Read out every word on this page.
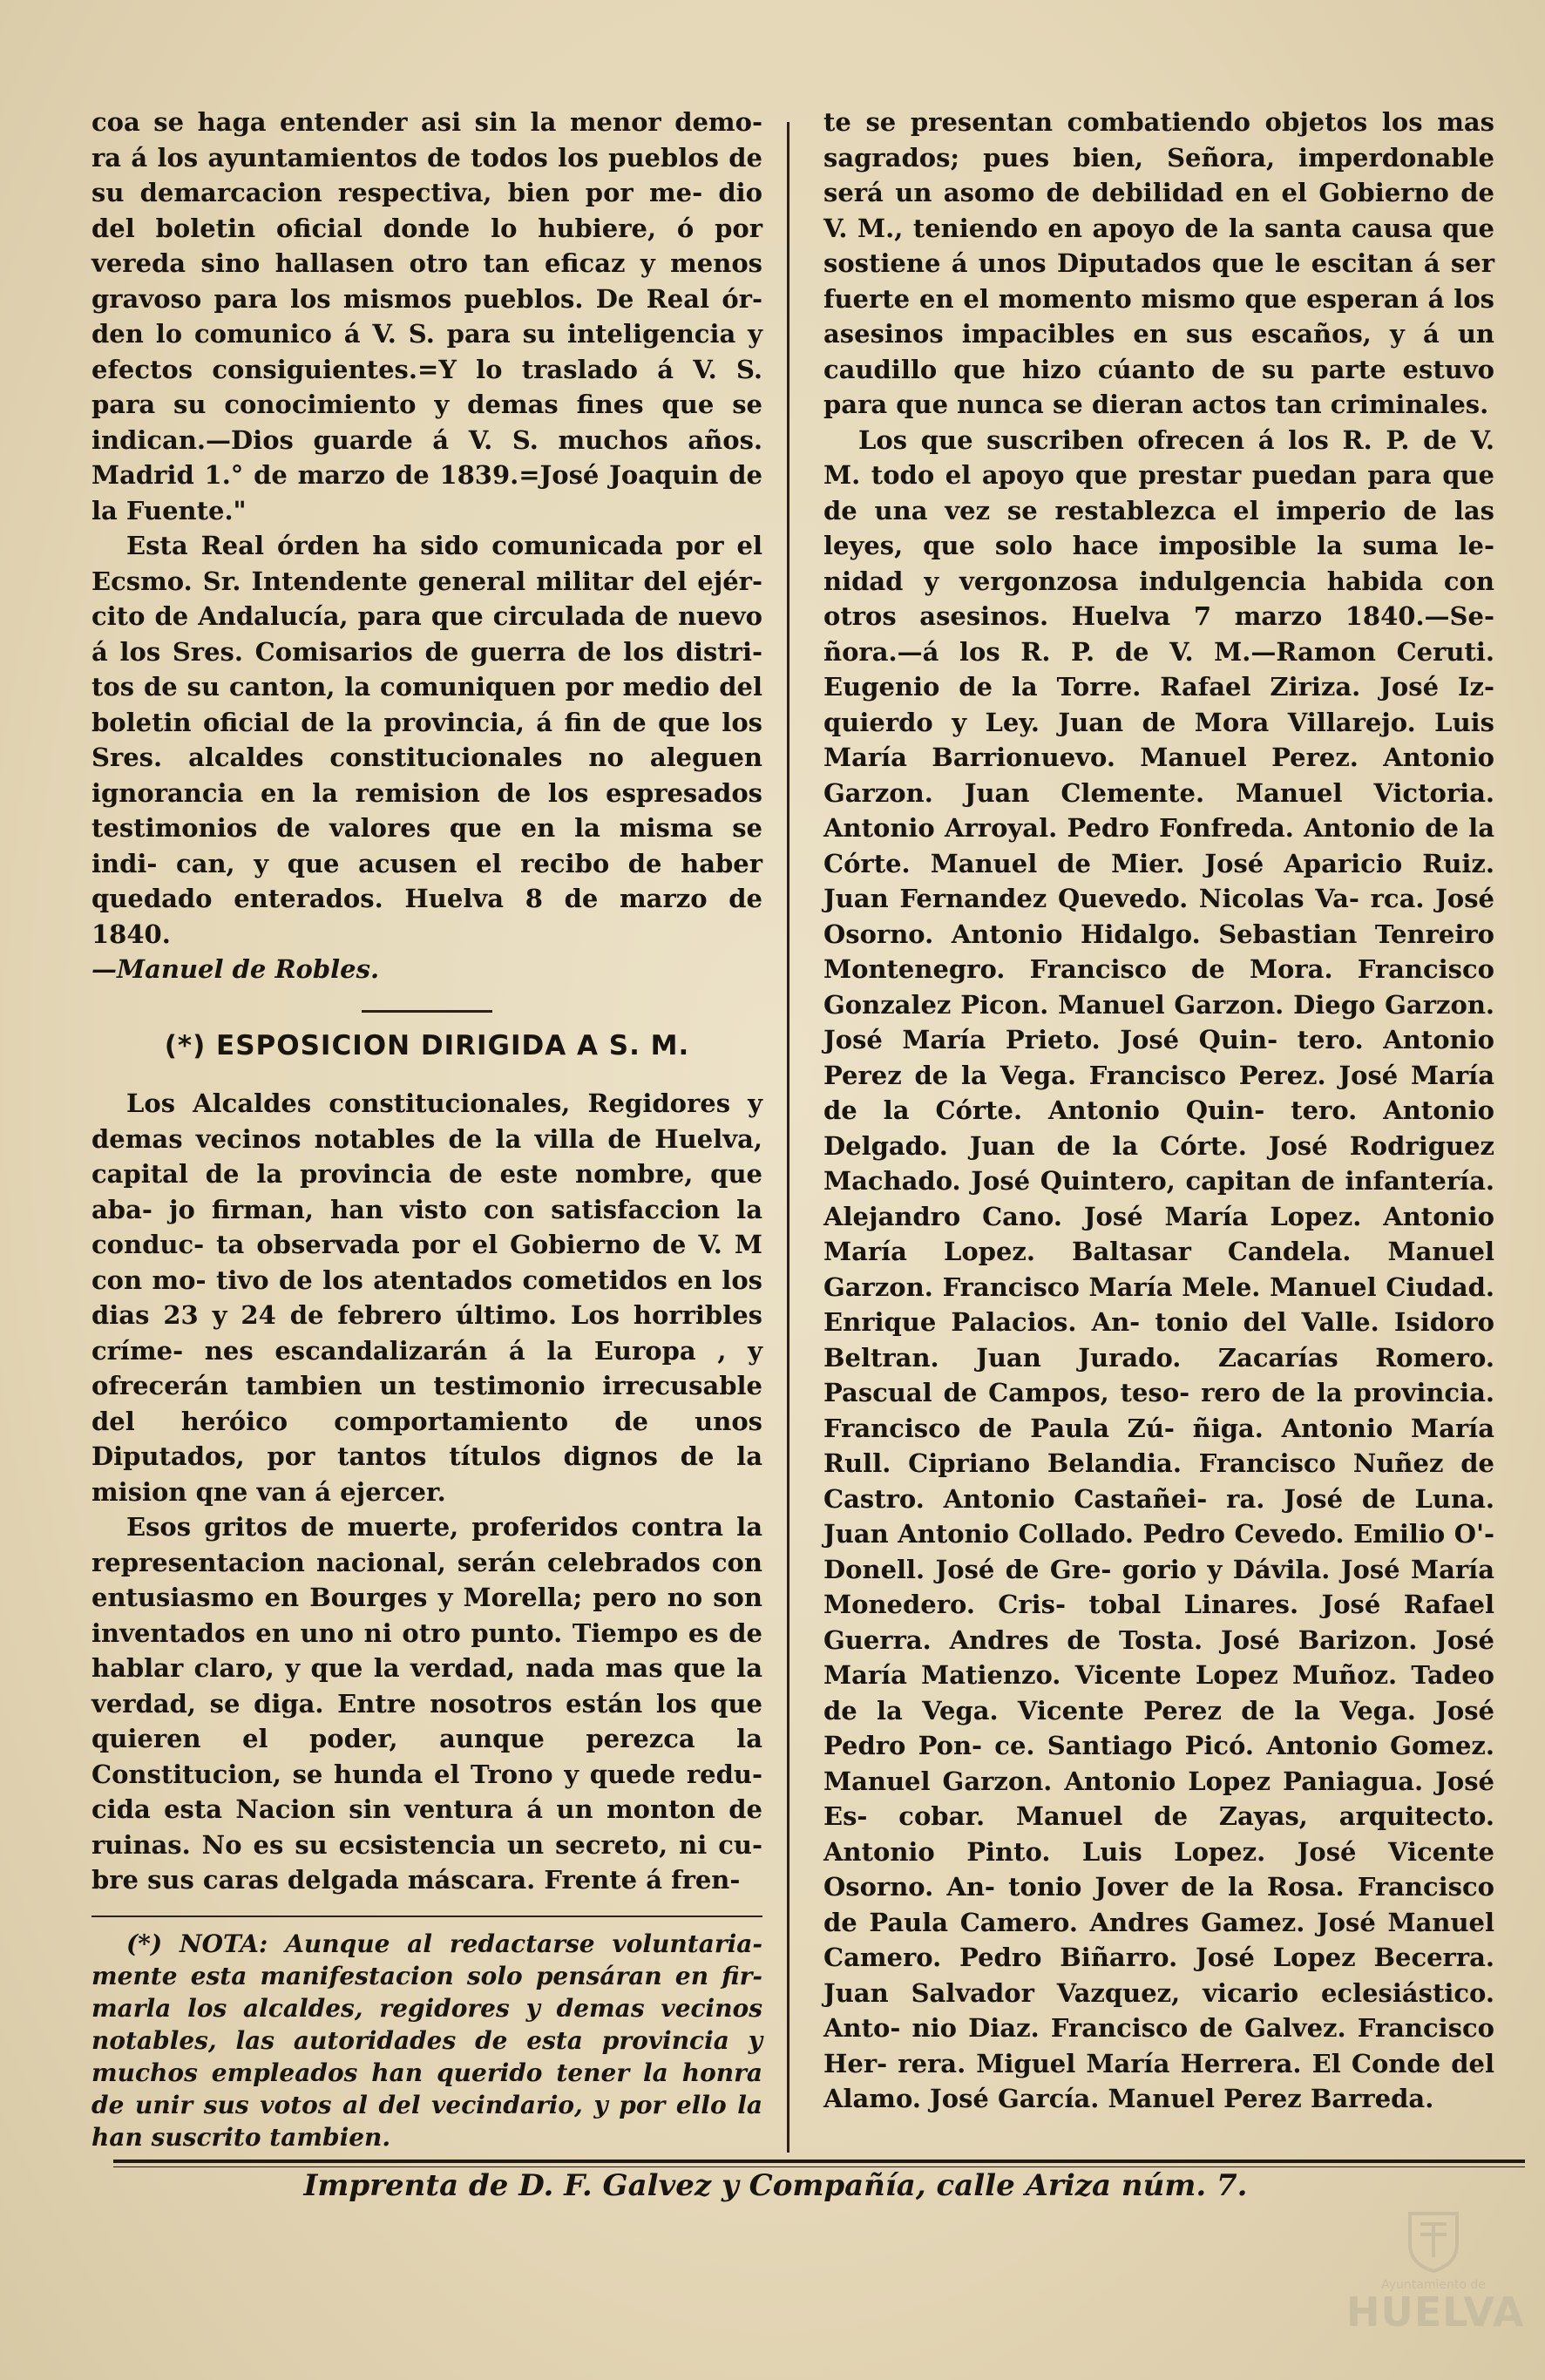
coa se haga entender asi sin la menor demo- ra á los ayuntamientos de todos los pueblos de su demarcacion respectiva, bien por me- dio del boletin oficial donde lo hubiere, ó por vereda sino hallasen otro tan eficaz y menos gravoso para los mismos pueblos. De Real ór- den lo comunico á V. S. para su inteligencia y efectos consiguientes.=Y lo traslado á V. S. para su conocimiento y demas fines que se indican.—Dios guarde á V. S. muchos años. Madrid 1.° de marzo de 1839.=José Joaquin de la Fuente."

Esta Real órden ha sido comunicada por el Ecsmo. Sr. Intendente general militar del ejér- cito de Andalucía, para que circulada de nuevo á los Sres. Comisarios de guerra de los distri- tos de su canton, la comuniquen por medio del boletin oficial de la provincia, á fin de que los Sres. alcaldes constitucionales no aleguen ignorancia en la remision de los espresados testimonios de valores que en la misma se indi- can, y que acusen el recibo de haber quedado enterados. Huelva 8 de marzo de 1840.
—Manuel de Robles.

(*) ESPOSICION DIRIGIDA A S. M.

Los Alcaldes constitucionales, Regidores y demas vecinos notables de la villa de Huelva, capital de la provincia de este nombre, que aba- jo firman, han visto con satisfaccion la conduc- ta observada por el Gobierno de V. M con mo- tivo de los atentados cometidos en los dias 23 y 24 de febrero último. Los horribles críme- nes escandalizarán á la Europa , y ofrecerán tambien un testimonio irrecusable del heróico comportamiento de unos Diputados, por tantos títulos dignos de la mision qne van á ejercer.

Esos gritos de muerte, proferidos contra la representacion nacional, serán celebrados con entusiasmo en Bourges y Morella; pero no son inventados en uno ni otro punto. Tiempo es de hablar claro, y que la verdad, nada mas que la verdad, se diga. Entre nosotros están los que quieren el poder, aunque perezca la Constitucion, se hunda el Trono y quede redu- cida esta Nacion sin ventura á un monton de ruinas. No es su ecsistencia un secreto, ni cu- bre sus caras delgada máscara. Frente á fren-

(*) NOTA: Aunque al redactarse voluntaria- mente esta manifestacion solo pensáran en fir- marla los alcaldes, regidores y demas vecinos notables, las autoridades de esta provincia y muchos empleados han querido tener la honra de unir sus votos al del vecindario, y por ello la han suscrito tambien.

te se presentan combatiendo objetos los mas sagrados; pues bien, Señora, imperdonable será un asomo de debilidad en el Gobierno de V. M., teniendo en apoyo de la santa causa que sostiene á unos Diputados que le escitan á ser fuerte en el momento mismo que esperan á los asesinos impacibles en sus escaños, y á un caudillo que hizo cúanto de su parte estuvo para que nunca se dieran actos tan criminales.

Los que suscriben ofrecen á los R. P. de V. M. todo el apoyo que prestar puedan para que de una vez se restablezca el imperio de las leyes, que solo hace imposible la suma le- nidad y vergonzosa indulgencia habida con otros asesinos. Huelva 7 marzo 1840.—Se- ñora.—á los R. P. de V. M.—Ramon Ceruti. Eugenio de la Torre. Rafael Ziriza. José Iz- quierdo y Ley. Juan de Mora Villarejo. Luis María Barrionuevo. Manuel Perez. Antonio Garzon. Juan Clemente. Manuel Victoria. Antonio Arroyal. Pedro Fonfreda. Antonio de la Córte. Manuel de Mier. José Aparicio Ruiz. Juan Fernandez Quevedo. Nicolas Va- rca. José Osorno. Antonio Hidalgo. Sebastian Tenreiro Montenegro. Francisco de Mora. Francisco Gonzalez Picon. Manuel Garzon. Diego Garzon. José María Prieto. José Quin- tero. Antonio Perez de la Vega. Francisco Perez. José María de la Córte. Antonio Quin- tero. Antonio Delgado. Juan de la Córte. José Rodriguez Machado. José Quintero, capitan de infantería. Alejandro Cano. José María Lopez. Antonio María Lopez. Baltasar Candela. Manuel Garzon. Francisco María Mele. Manuel Ciudad. Enrique Palacios. An- tonio del Valle. Isidoro Beltran. Juan Jurado. Zacarías Romero. Pascual de Campos, teso- rero de la provincia. Francisco de Paula Zú- ñiga. Antonio María Rull. Cipriano Belandia. Francisco Nuñez de Castro. Antonio Castañei- ra. José de Luna. Juan Antonio Collado. Pedro Cevedo. Emilio O'-Donell. José de Gre- gorio y Dávila. José María Monedero. Cris- tobal Linares. José Rafael Guerra. Andres de Tosta. José Barizon. José María Matienzo. Vicente Lopez Muñoz. Tadeo de la Vega. Vicente Perez de la Vega. José Pedro Pon- ce. Santiago Picó. Antonio Gomez. Manuel Garzon. Antonio Lopez Paniagua. José Es- cobar. Manuel de Zayas, arquitecto. Antonio Pinto. Luis Lopez. José Vicente Osorno. An- tonio Jover de la Rosa. Francisco de Paula Camero. Andres Gamez. José Manuel Camero. Pedro Biñarro. José Lopez Becerra. Juan Salvador Vazquez, vicario eclesiástico. Anto- nio Diaz. Francisco de Galvez. Francisco Her- rera. Miguel María Herrera. El Conde del Alamo. José García. Manuel Perez Barreda.

Imprenta de D. F. Galvez y Compañía, calle Ariza núm. 7.
Ayuntamiento de
HUELVA
